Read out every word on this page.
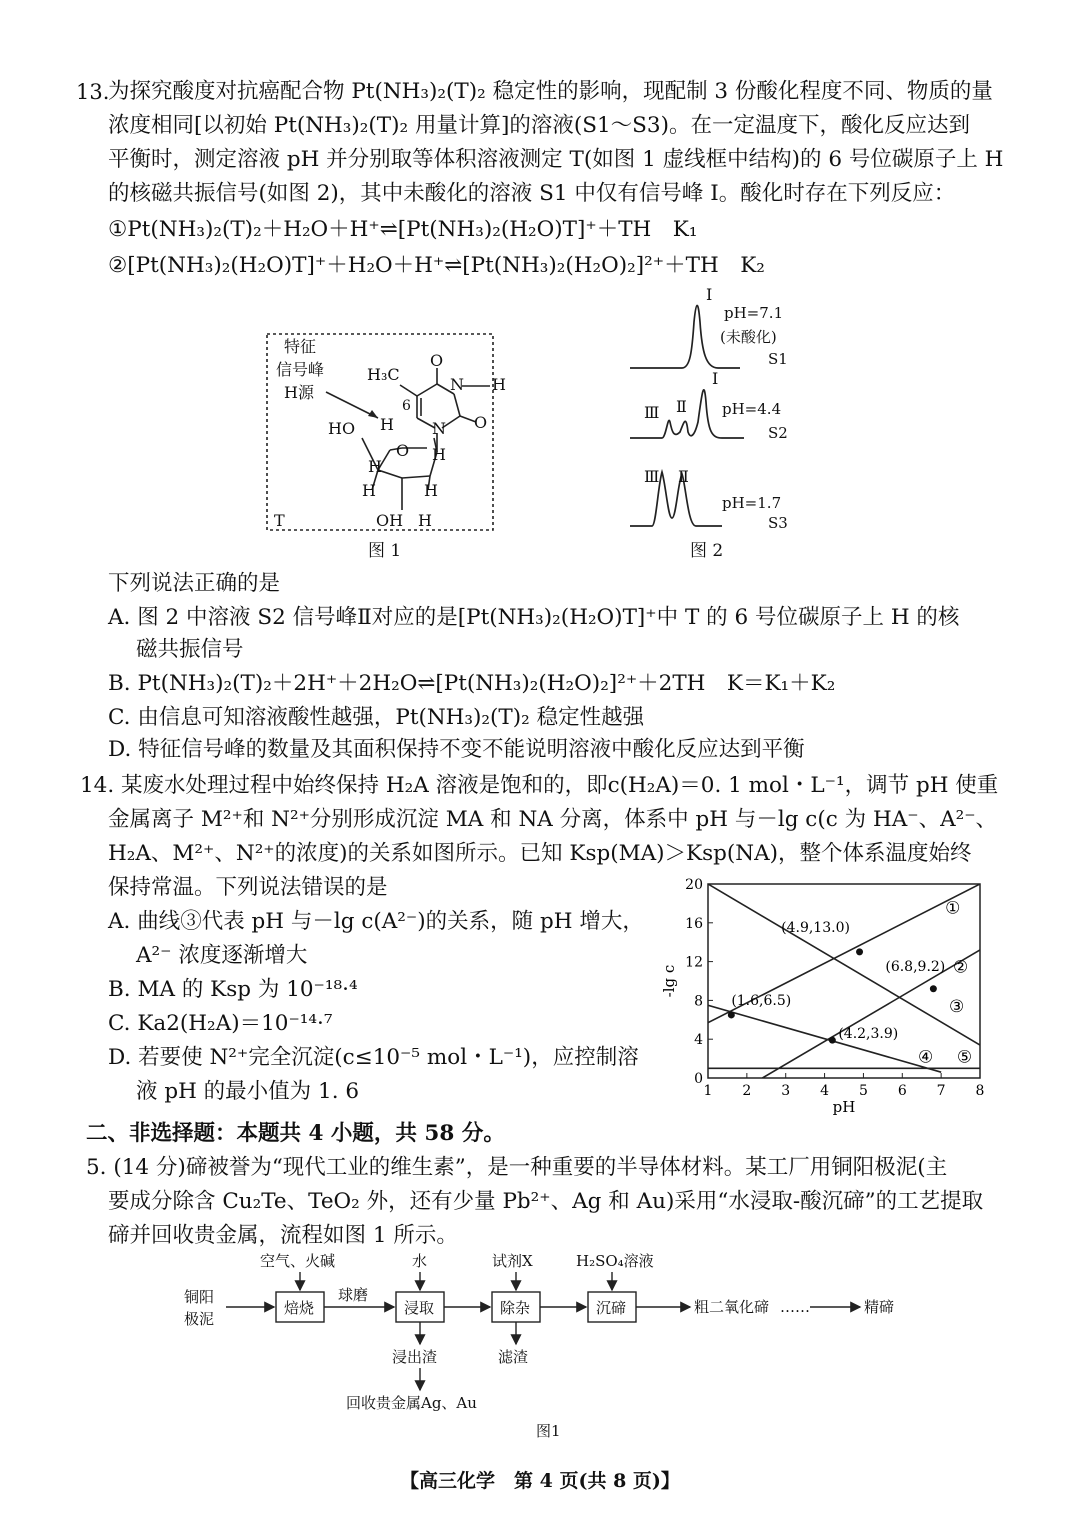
为探究酸度对抗癌配合物 Pt(NH₃)₂(T)₂ 稳定性的影响，现配制 3 份酸化程度不同、物质的量
浓度相同[以初始 Pt(NH₃)₂(T)₂ 用量计算]的溶液(S1～S3)。在一定温度下，酸化反应达到
平衡时，测定溶液 pH 并分别取等体积溶液测定 T(如图 1 虚线框中结构)的 6 号位碳原子上 H
的核磁共振信号(如图 2)，其中未酸化的溶液 S1 中仅有信号峰 Ⅰ。酸化时存在下列反应：
①Pt(NH₃)₂(T)₂＋H₂O＋H⁺⇌[Pt(NH₃)₂(H₂O)T]⁺＋TH　K₁
②[Pt(NH₃)₂(H₂O)T]⁺＋H₂O＋H⁺⇌[Pt(NH₃)₂(H₂O)₂]²⁺＋TH　K₂
13.
特征
信号峰
H源
O
H₃C
N H
6
H N O
HO
O
H
H	H
H
OH H
T
图 1
Ⅰ
pH=7.1
(未酸化)
S1
Ⅲ Ⅱ
Ⅰ
pH=4.4
S2
Ⅲ Ⅱ
pH=1.7
S3
图 2
下列说法正确的是
A. 图 2 中溶液 S2 信号峰Ⅱ对应的是[Pt(NH₃)₂(H₂O)T]⁺中 T 的 6 号位碳原子上 H 的核
磁共振信号
B. Pt(NH₃)₂(T)₂＋2H⁺＋2H₂O⇌[Pt(NH₃)₂(H₂O)₂]²⁺＋2TH　K＝K₁＋K₂
C. 由信息可知溶液酸性越强，Pt(NH₃)₂(T)₂ 稳定性越强
D. 特征信号峰的数量及其面积保持不变不能说明溶液中酸化反应达到平衡
14. 某废水处理过程中始终保持 H₂A 溶液是饱和的，即c(H₂A)＝0. 1 mol・L⁻¹，调节 pH 使重
金属离子 M²⁺和 N²⁺分别形成沉淀 MA 和 NA 分离，体系中 pH 与－lg c(c 为 HA⁻、A²⁻、
H₂A、M²⁺、N²⁺的浓度)的关系如图所示。已知 Ksp(MA)＞Ksp(NA)，整个体系温度始终
保持常温。下列说法错误的是
A. 曲线③代表 pH 与－lg c(A²⁻)的关系，随 pH 增大，
A²⁻ 浓度逐渐增大
B. MA 的 Ksp 为 10⁻¹⁸·⁴
C. Ka2(H₂A)＝10⁻¹⁴·⁷
D. 若要使 N²⁺完全沉淀(c≤10⁻⁵ mol・L⁻¹)，应控制溶
液 pH 的最小值为 1. 6	1 2 3 4 5 6 7 8
0
4
8
12
16
20
pH
-lg c
①
②
③
④ ⑤
(4.9,13.0)
(6.8,9.2)
(1.6,6.5)
(4.2,3.9)
二、非选择题：本题共 4 小题，共 58 分。
5. (14 分)碲被誉为“现代工业的维生素”，是一种重要的半导体材料。某工厂用铜阳极泥(主
要成分除含 Cu₂Te、TeO₂ 外，还有少量 Pb²⁺、Ag 和 Au)采用“水浸取-酸沉碲”的工艺提取
碲并回收贵金属，流程如图 1 所示。
铜阳
极泥
空气、火碱
焙烧
球磨
水
浸取
浸出渣
回收贵金属Ag、Au
试剂X
除杂
滤渣
H₂SO₄溶液
沉碲	粗二氧化碲 ……	精碲
图1
【高三化学　第 4 页(共 8 页)】
